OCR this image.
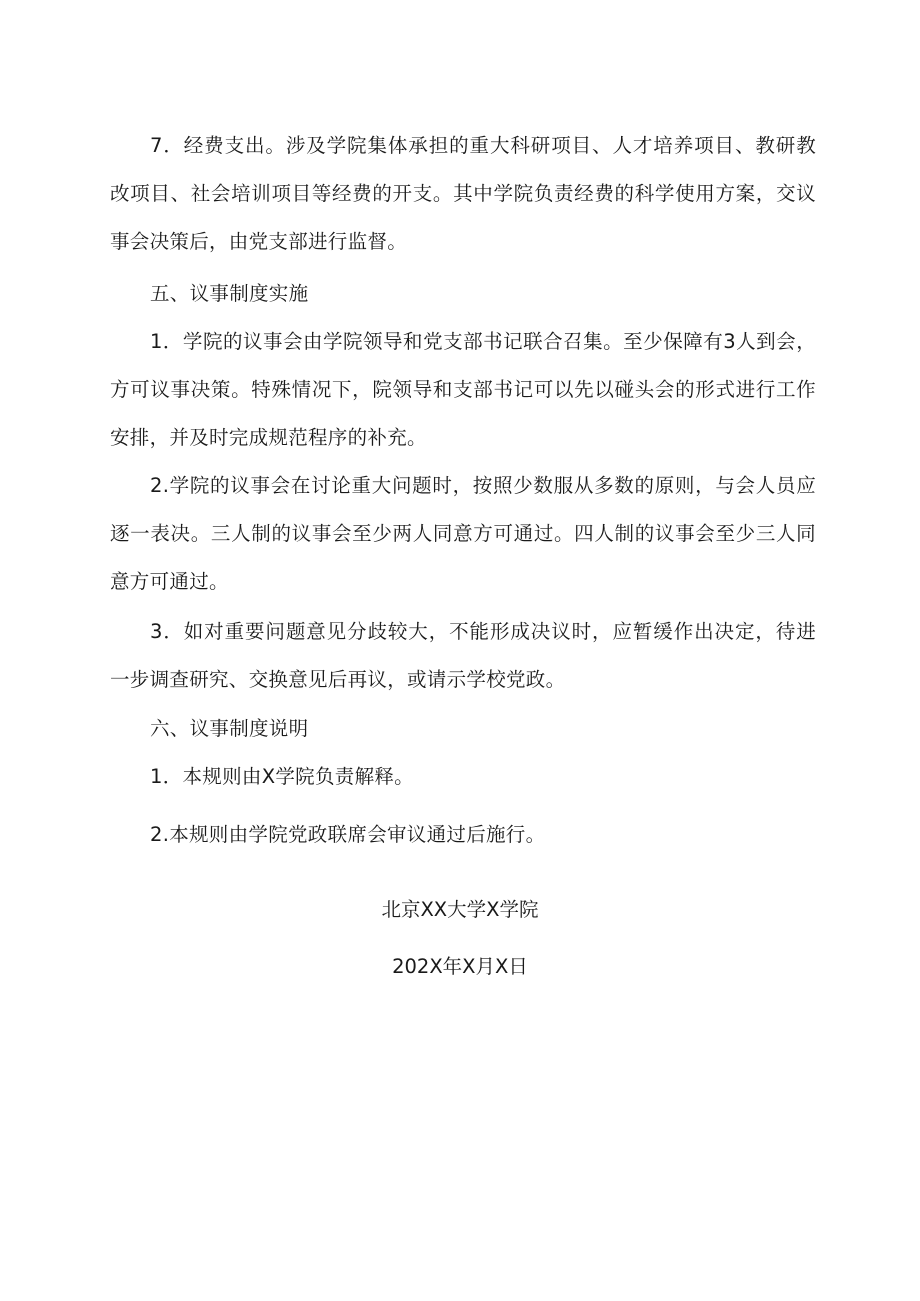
7．经费支出。涉及学院集体承担的重大科研项目、人才培养项目、教研教改项目、社会培训项目等经费的开支。其中学院负责经费的科学使用方案，交议事会决策后，由党支部进行监督。

五、议事制度实施

1．学院的议事会由学院领导和党支部书记联合召集。至少保障有3人到会，方可议事决策。特殊情况下，院领导和支部书记可以先以碰头会的形式进行工作安排，并及时完成规范程序的补充。

2.学院的议事会在讨论重大问题时，按照少数服从多数的原则，与会人员应逐一表决。三人制的议事会至少两人同意方可通过。四人制的议事会至少三人同意方可通过。

3．如对重要问题意见分歧较大，不能形成决议时，应暂缓作出决定，待进一步调查研究、交换意见后再议，或请示学校党政。

六、议事制度说明

1．本规则由X学院负责解释。

2.本规则由学院党政联席会审议通过后施行。

北京XX大学X学院

202X年X月X日
